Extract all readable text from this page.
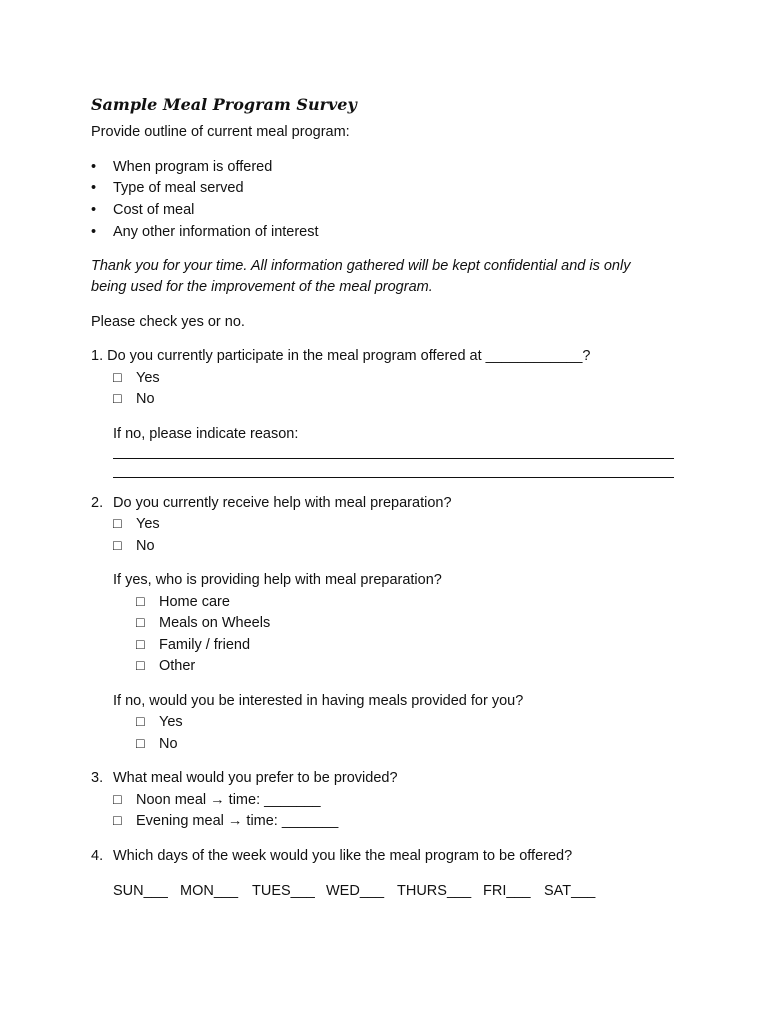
Sample Meal Program Survey
Provide outline of current meal program:
• When program is offered
• Type of meal served
• Cost of meal
• Any other information of interest
Thank you for your time. All information gathered will be kept confidential and is only
being used for the improvement of the meal program.
Please check yes or no.
1. Do you currently participate in the meal program offered at ____________?
□ Yes
□ No
If no, please indicate reason:
2. Do you currently receive help with meal preparation?
□ Yes
□ No
If yes, who is providing help with meal preparation?
□ Home care
□ Meals on Wheels
□ Family / friend
□ Other
If no, would you be interested in having meals provided for you?
□ Yes
□ No
3. What meal would you prefer to be provided?
□ Noon meal → time: _______
□ Evening meal → time: _______
4. Which days of the week would you like the meal program to be offered?
SUN___ MON___ TUES___ WED___ THURS___ FRI___ SAT___
